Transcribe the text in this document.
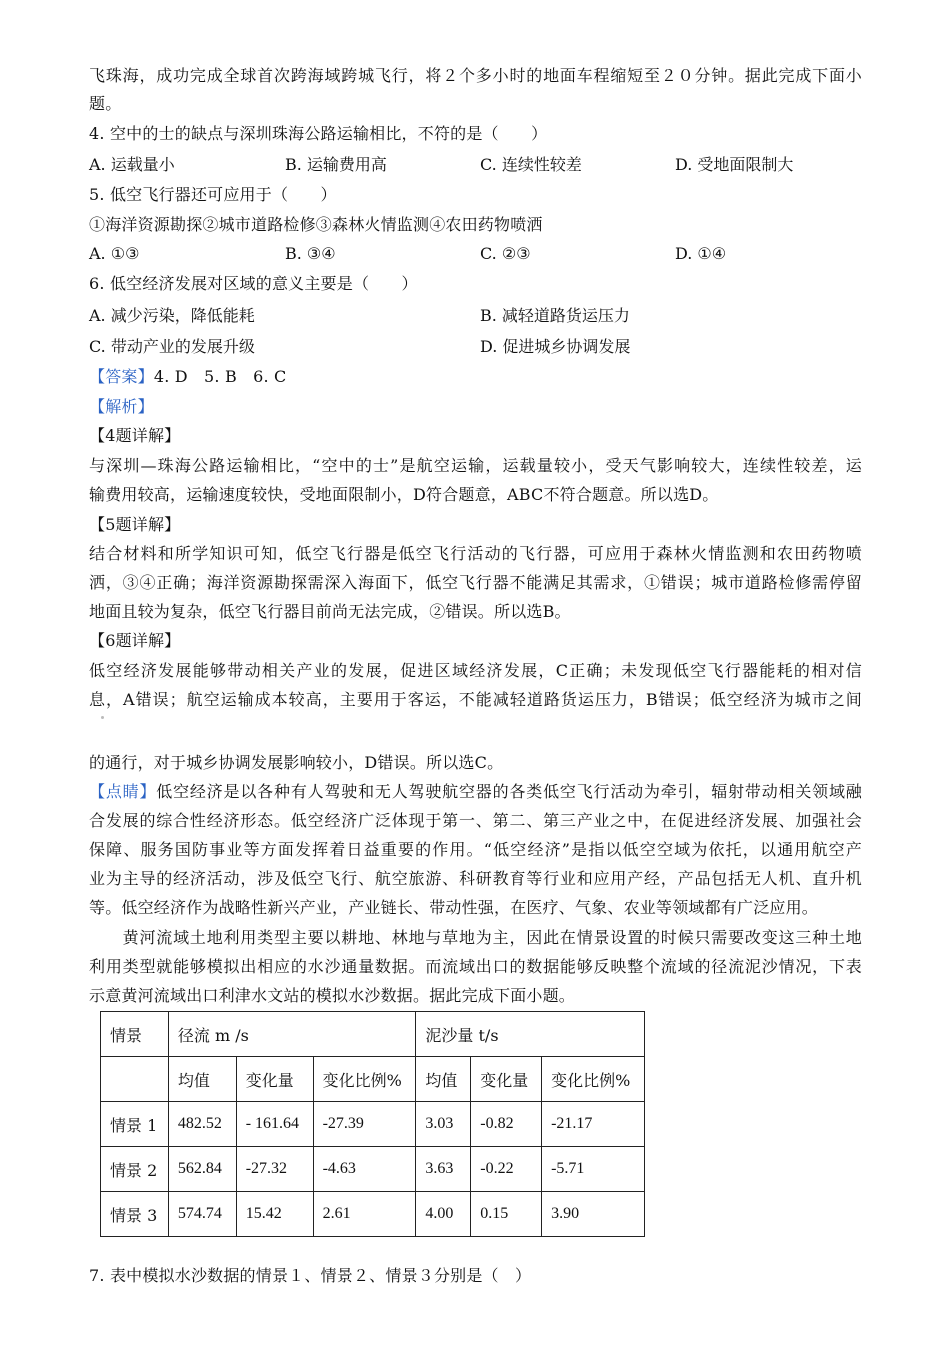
飞珠海，成功完成全球首次跨海域跨城飞行，将２个多小时的地面车程缩短至２０分钟。据此完成下面小
题。
4. 空中的士的缺点与深圳珠海公路运输相比，不符的是（　　）
A. 运载量小	B. 运输费用高	C. 连续性较差	D. 受地面限制大
5. 低空飞行器还可应用于（　　）
①海洋资源勘探②城市道路检修③森林火情监测④农田药物喷洒
A. ①③	B. ③④	C. ②③	D. ①④
6. 低空经济发展对区域的意义主要是（　　）
A. 减少污染，降低能耗	B. 减轻道路货运压力
C. 带动产业的发展升级	D. 促进城乡协调发展
【答案】4. D　5. B　6. C
【解析】
【4题详解】
与深圳—珠海公路运输相比，“空中的士”是航空运输，运载量较小，受天气影响较大，连续性较差，运
输费用较高，运输速度较快，受地面限制小，D符合题意，ABC不符合题意。所以选D。
【5题详解】
结合材料和所学知识可知，低空飞行器是低空飞行活动的飞行器，可应用于森林火情监测和农田药物喷
洒，③④正确；海洋资源勘探需深入海面下，低空飞行器不能满足其需求，①错误；城市道路检修需停留
地面且较为复杂，低空飞行器目前尚无法完成，②错误。所以选B。
【6题详解】
低空经济发展能够带动相关产业的发展，促进区域经济发展，C正确；未发现低空飞行器能耗的相对信
息，A错误；航空运输成本较高，主要用于客运，不能减轻道路货运压力，B错误；低空经济为城市之间
的通行，对于城乡协调发展影响较小，D错误。所以选C。
【点睛】低空经济是以各种有人驾驶和无人驾驶航空器的各类低空飞行活动为牵引，辐射带动相关领域融
合发展的综合性经济形态。低空经济广泛体现于第一、第二、第三产业之中，在促进经济发展、加强社会
保障、服务国防事业等方面发挥着日益重要的作用。“低空经济”是指以低空空域为依托，以通用航空产
业为主导的经济活动，涉及低空飞行、航空旅游、科研教育等行业和应用产经，产品包括无人机、直升机
等。低空经济作为战略性新兴产业，产业链长、带动性强，在医疗、气象、农业等领域都有广泛应用。
　　黄河流域土地利用类型主要以耕地、林地与草地为主，因此在情景设置的时候只需要改变这三种土地
利用类型就能够模拟出相应的水沙通量数据。而流域出口的数据能够反映整个流域的径流泥沙情况，下表
示意黄河流域出口利津水文站的模拟水沙数据。据此完成下面小题。
情景	径流 m /s			泥沙量 t/s		
	均值	变化量	变化比例%	均值	变化量	变化比例%
情景 1	482.52	- 161.64	-27.39	3.03	-0.82	-21.17
情景 2	562.84	-27.32	-4.63	3.63	-0.22	-5.71
情景 3	574.74	15.42	2.61	4.00	0.15	3.90
7. 表中模拟水沙数据的情景１、情景２、情景３分别是（　）
